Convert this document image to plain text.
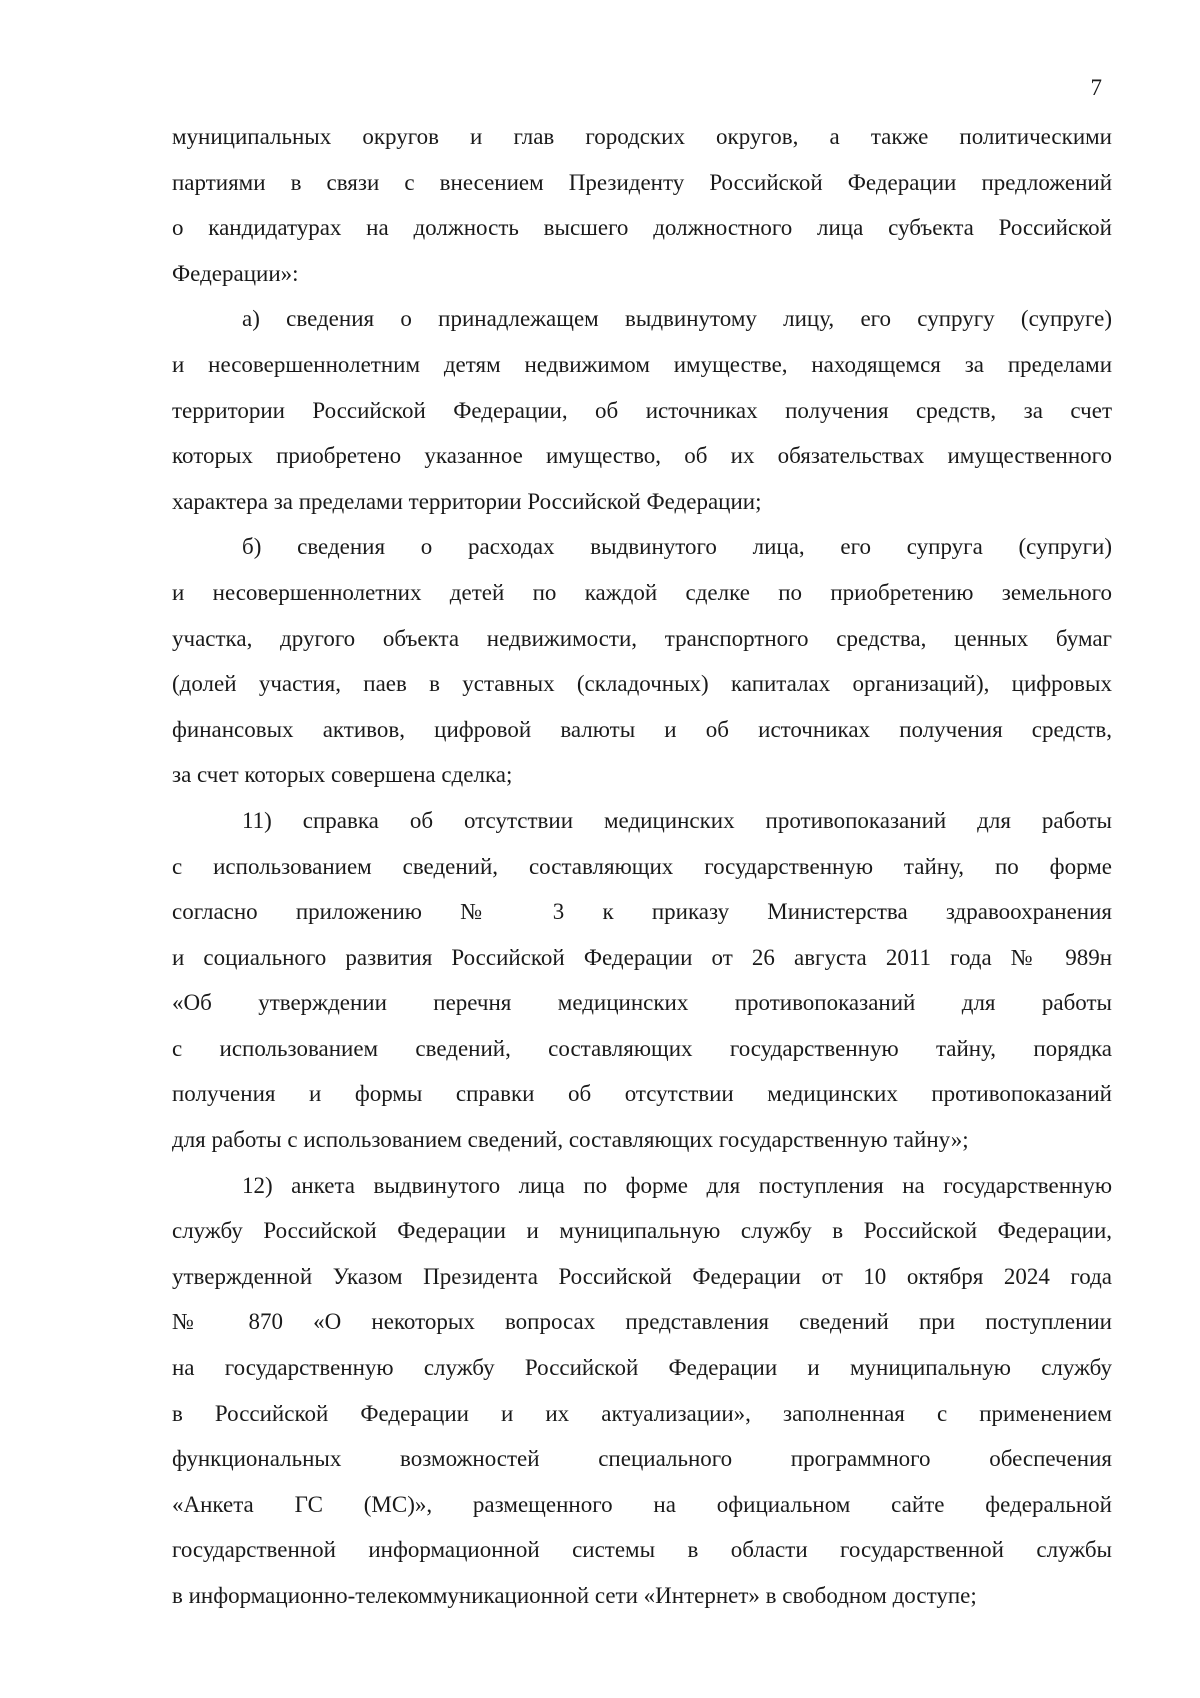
7
муниципальных округов и глав городских округов, а также политическими
партиями в связи с внесением Президенту Российской Федерации предложений
о кандидатурах на должность высшего должностного лица субъекта Российской
Федерации»:
а) сведения о принадлежащем выдвинутому лицу, его супругу (супруге)
и несовершеннолетним детям недвижимом имуществе, находящемся за пределами
территории Российской Федерации, об источниках получения средств, за счет
которых приобретено указанное имущество, об их обязательствах имущественного
характера за пределами территории Российской Федерации;
б) сведения о расходах выдвинутого лица, его супруга (супруги)
и несовершеннолетних детей по каждой сделке по приобретению земельного
участка, другого объекта недвижимости, транспортного средства, ценных бумаг
(долей участия, паев в уставных (складочных) капиталах организаций), цифровых
финансовых активов, цифровой валюты и об источниках получения средств,
за счет которых совершена сделка;
11) справка об отсутствии медицинских противопоказаний для работы
с использованием сведений, составляющих государственную тайну, по форме
согласно приложению № 3 к приказу Министерства здравоохранения
и социального развития Российской Федерации от 26 августа 2011 года № 989н
«Об утверждении перечня медицинских противопоказаний для работы
с использованием сведений, составляющих государственную тайну, порядка
получения и формы справки об отсутствии медицинских противопоказаний
для работы с использованием сведений, составляющих государственную тайну»;
12) анкета выдвинутого лица по форме для поступления на государственную
службу Российской Федерации и муниципальную службу в Российской Федерации,
утвержденной Указом Президента Российской Федерации от 10 октября 2024 года
№ 870 «О некоторых вопросах представления сведений при поступлении
на государственную службу Российской Федерации и муниципальную службу
в Российской Федерации и их актуализации», заполненная с применением
функциональных возможностей специального программного обеспечения
«Анкета ГС (МС)», размещенного на официальном сайте федеральной
государственной информационной системы в области государственной службы
в информационно-телекоммуникационной сети «Интернет» в свободном доступе;
